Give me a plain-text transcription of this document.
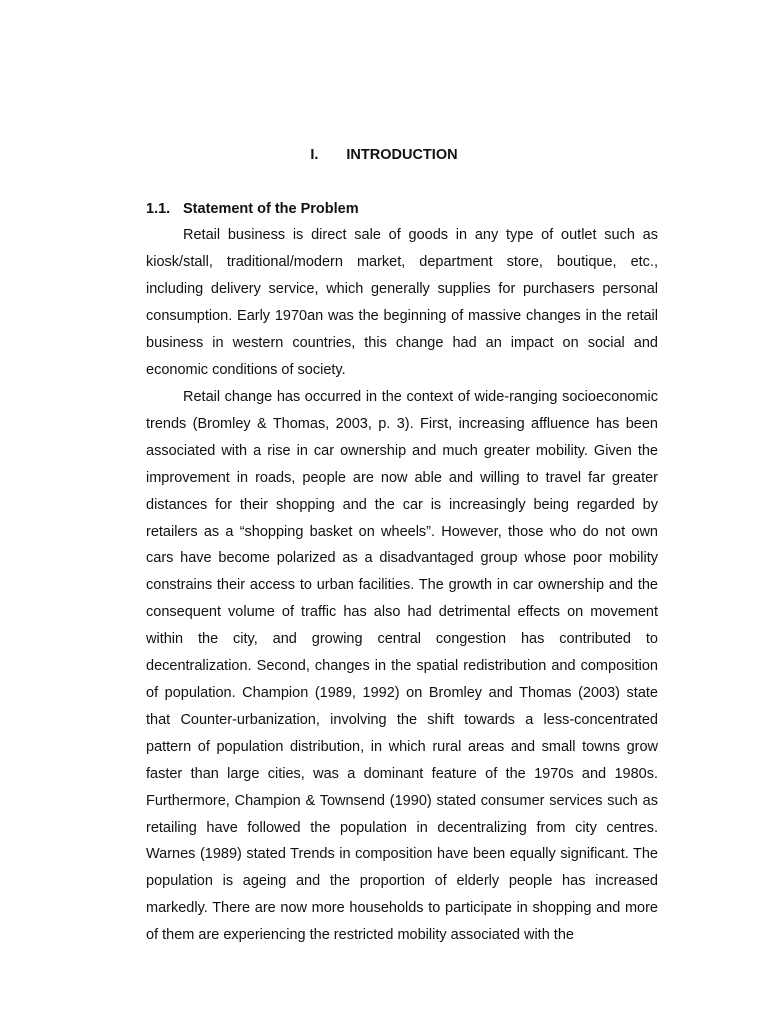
I. INTRODUCTION
1.1. Statement of the Problem

Retail business is direct sale of goods in any type of outlet such as kiosk/stall, traditional/modern market, department store, boutique, etc., including delivery service, which generally supplies for purchasers personal consumption. Early 1970an was the beginning of massive changes in the retail business in western countries, this change had an impact on social and economic conditions of society.

Retail change has occurred in the context of wide-ranging socioeconomic trends (Bromley & Thomas, 2003, p. 3). First, increasing affluence has been associated with a rise in car ownership and much greater mobility. Given the improvement in roads, people are now able and willing to travel far greater distances for their shopping and the car is increasingly being regarded by retailers as a “shopping basket on wheels”. However, those who do not own cars have become polarized as a disadvantaged group whose poor mobility constrains their access to urban facilities. The growth in car ownership and the consequent volume of traffic has also had detrimental effects on movement within the city, and growing central congestion has contributed to decentralization. Second, changes in the spatial redistribution and composition of population. Champion (1989, 1992) on Bromley and Thomas (2003) state that Counter-urbanization, involving the shift towards a less-concentrated pattern of population distribution, in which rural areas and small towns grow faster than large cities, was a dominant feature of the 1970s and 1980s. Furthermore, Champion & Townsend (1990) stated consumer services such as retailing have followed the population in decentralizing from city centres. Warnes (1989) stated Trends in composition have been equally significant. The population is ageing and the proportion of elderly people has increased markedly. There are now more households to participate in shopping and more of them are experiencing the restricted mobility associated with the
